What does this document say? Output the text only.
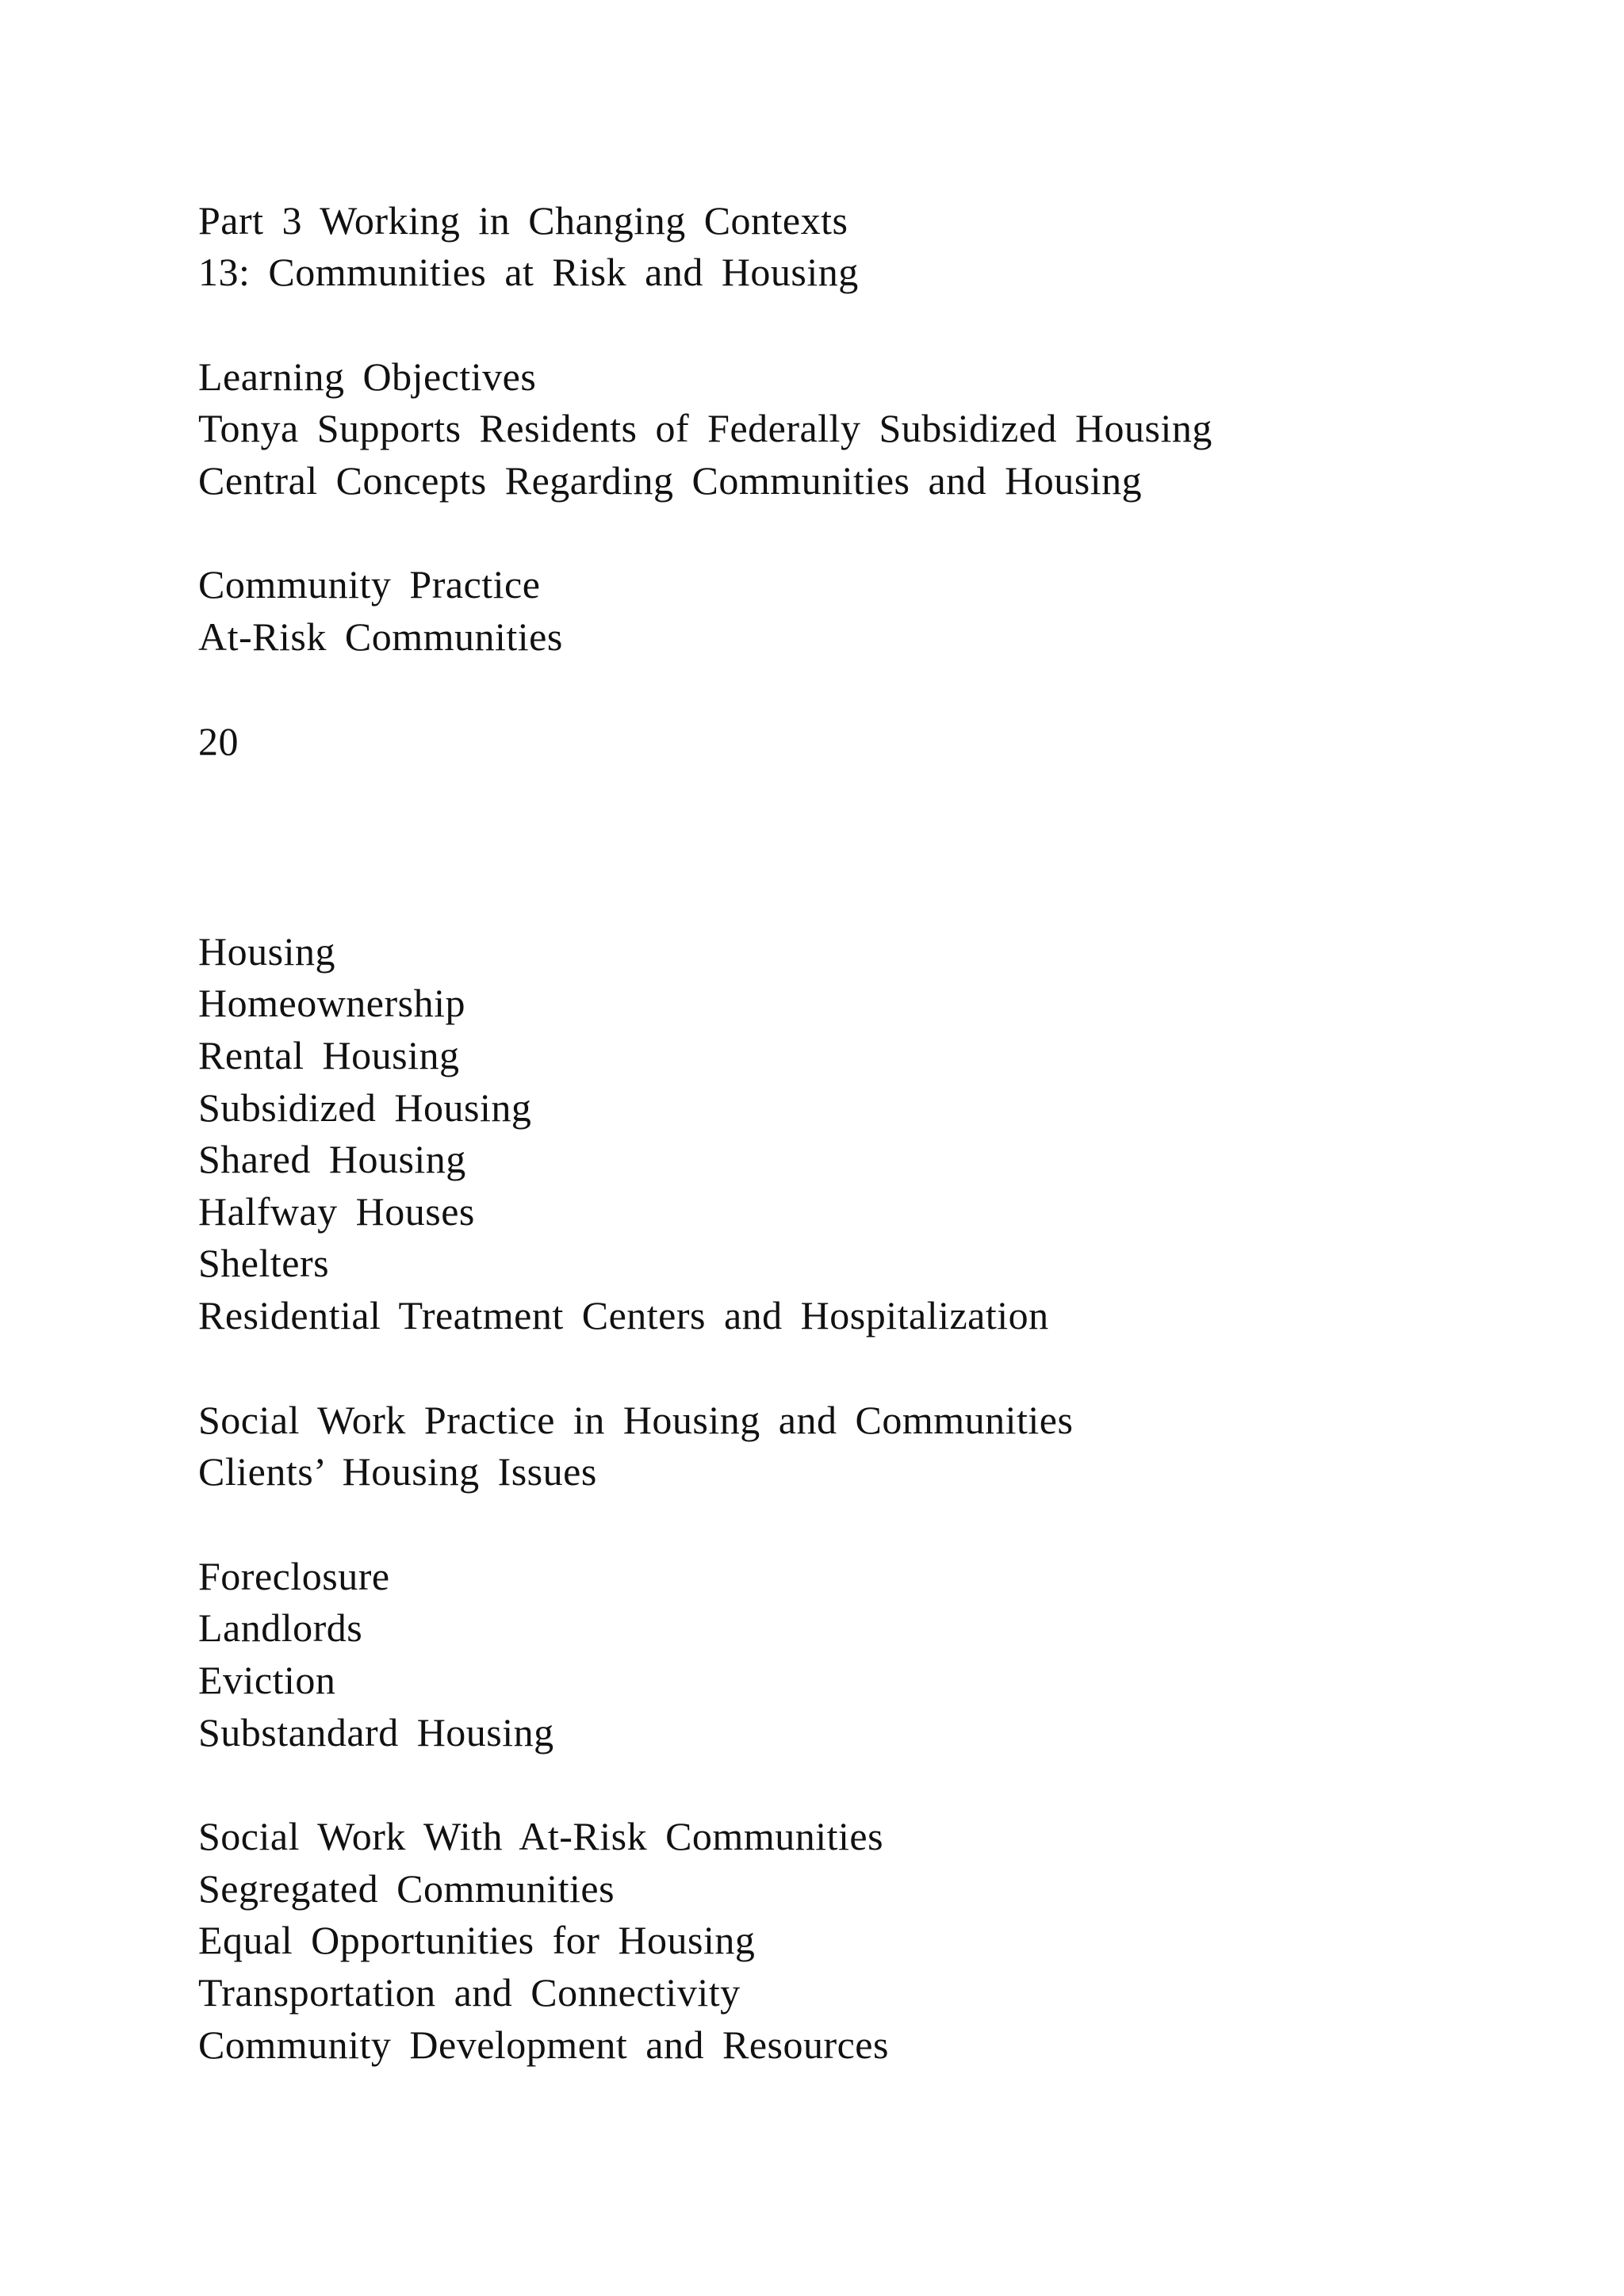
Part 3 Working in Changing Contexts
13: Communities at Risk and Housing
Learning Objectives
Tonya Supports Residents of Federally Subsidized Housing
Central Concepts Regarding Communities and Housing
Community Practice
At-Risk Communities
20
Housing
Homeownership
Rental Housing
Subsidized Housing
Shared Housing
Halfway Houses
Shelters
Residential Treatment Centers and Hospitalization
Social Work Practice in Housing and Communities
Clients’ Housing Issues
Foreclosure
Landlords
Eviction
Substandard Housing
Social Work With At-Risk Communities
Segregated Communities
Equal Opportunities for Housing
Transportation and Connectivity
Community Development and Resources
